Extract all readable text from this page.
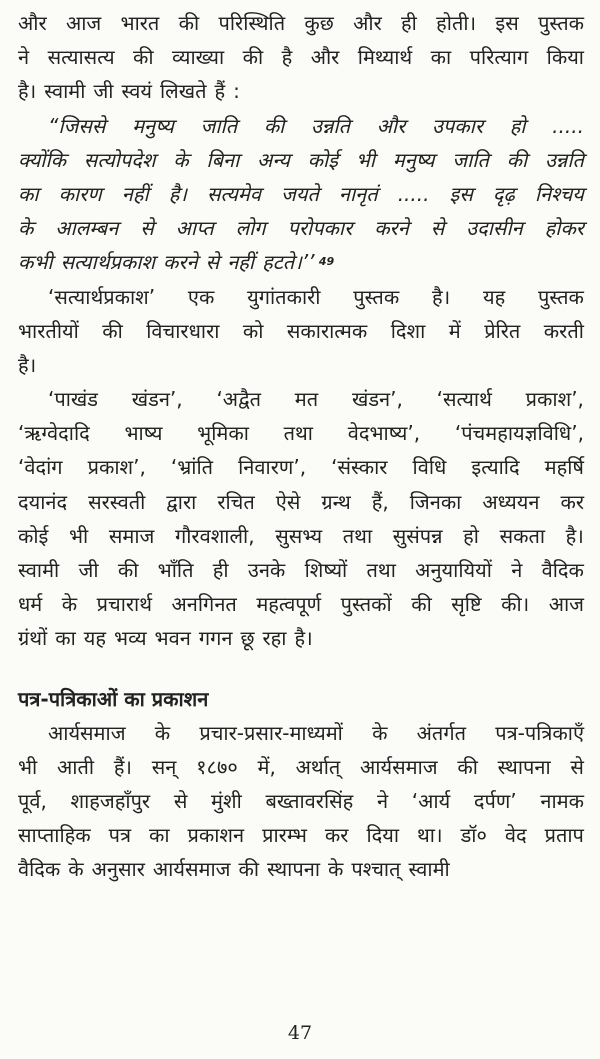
और आज भारत की परिस्थिति कुछ और ही होती। इस पुस्तक
ने सत्यासत्य की व्याख्या की है और मिथ्यार्थ का परित्याग किया
है। स्वामी जी स्वयं लिखते हैं :
“जिससे मनुष्य जाति की उन्नति और उपकार हो .....
क्योंकि सत्योपदेश के बिना अन्य कोई भी मनुष्य जाति की उन्नति
का कारण नहीं है। सत्यमेव जयते नानृतं ..... इस दृढ़ निश्चय
के आलम्बन से आप्त लोग परोपकार करने से उदासीन होकर
कभी सत्यार्थप्रकाश करने से नहीं हटते।’’ 49
‘सत्यार्थप्रकाश’ एक युगांतकारी पुस्तक है। यह पुस्तक
भारतीयों की विचारधारा को सकारात्मक दिशा में प्रेरित करती
है।
‘पाखंड खंडन’, ‘अद्वैत मत खंडन’, ‘सत्यार्थ प्रकाश’,
‘ऋग्वेदादि भाष्य भूमिका तथा वेदभाष्य’, ‘पंचमहायज्ञविधि’,
‘वेदांग प्रकाश’, ‘भ्रांति निवारण’, ‘संस्कार विधि इत्यादि महर्षि
दयानंद सरस्वती द्वारा रचित ऐसे ग्रन्थ हैं, जिनका अध्ययन कर
कोई भी समाज गौरवशाली, सुसभ्य तथा सुसंपन्न हो सकता है।
स्वामी जी की भाँति ही उनके शिष्यों तथा अनुयायियों ने वैदिक
धर्म के प्रचारार्थ अनगिनत महत्वपूर्ण पुस्तकों की सृष्टि की। आज
ग्रंथों का यह भव्य भवन गगन छू रहा है।
पत्र-पत्रिकाओं का प्रकाशन
आर्यसमाज के प्रचार-प्रसार-माध्यमों के अंतर्गत पत्र-पत्रिकाएँ
भी आती हैं। सन् १८७० में, अर्थात् आर्यसमाज की स्थापना से
पूर्व, शाहजहाँपुर से मुंशी बख्तावरसिंह ने ‘आर्य दर्पण’ नामक
साप्ताहिक पत्र का प्रकाशन प्रारम्भ कर दिया था। डॉ० वेद प्रताप
वैदिक के अनुसार आर्यसमाज की स्थापना के पश्चात् स्वामी
47
